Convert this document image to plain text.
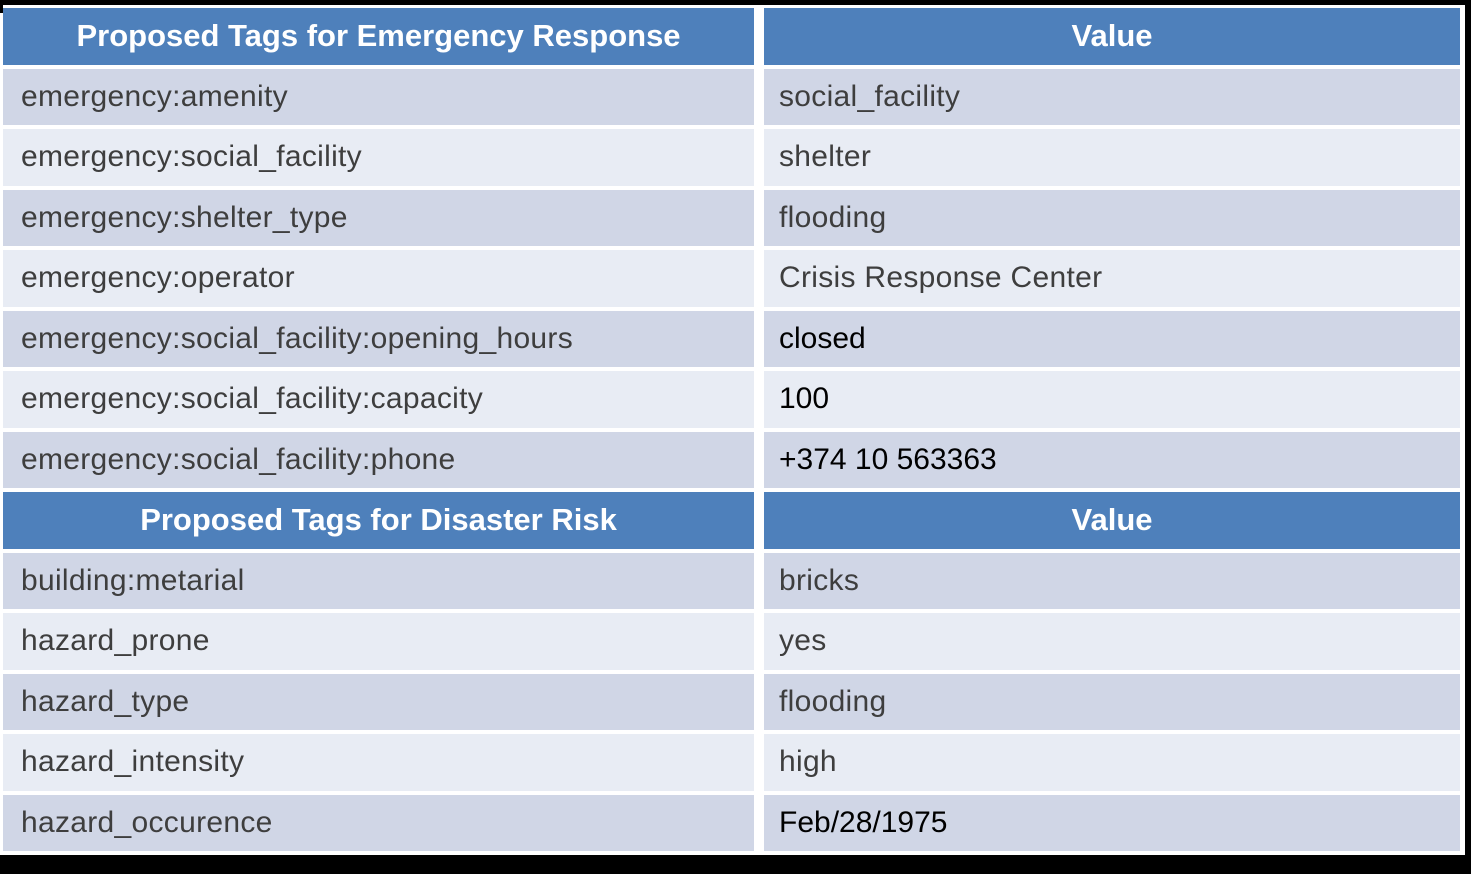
Proposed Tags for Emergency Response	Value
emergency:amenity	social_facility
emergency:social_facility	shelter
emergency:shelter_type	flooding
emergency:operator	Crisis Response Center
emergency:social_facility:opening_hours	closed
emergency:social_facility:capacity	100
emergency:social_facility:phone	+374 10 563363
Proposed Tags for Disaster Risk	Value
building:metarial	bricks
hazard_prone	yes
hazard_type	flooding
hazard_intensity	high
hazard_occurence	Feb/28/1975
